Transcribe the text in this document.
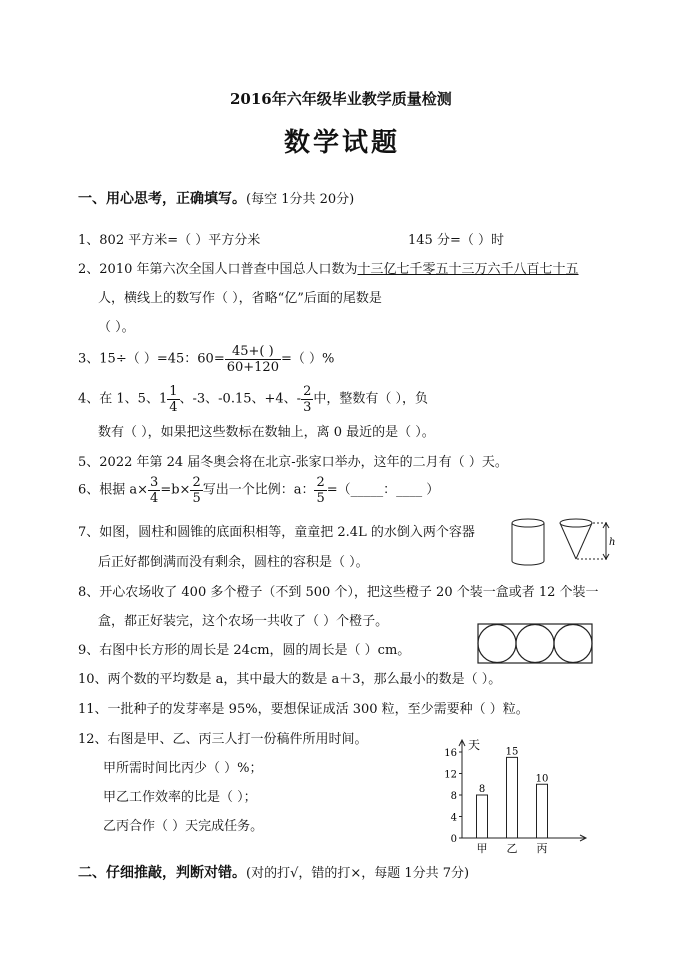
2016年六年级毕业教学质量检测
数学试题
一、用心思考，正确填写。(每空 1分共 20分)
1、802 平方米=（ ）平方分米	145 分=（ ）时
2、2010 年第六次全国人口普查中国总人口数为十三亿七千零五十三万六千八百七十五
人，横线上的数写作（ ），省略“亿”后面的尾数是
（ ）。
3、15÷（ ）=45：$60= \frac{45+( )}{60+120}$ =（ ）%
4、在 1、5、$1 \frac{1}{4}$ 、-3、-0.15、+4、- $\frac{2}{3}$ 中，整数有（ ），负
数有（ ），如果把这些数标在数轴上，离 0 最近的是（ ）。
5、2022 年第 24 届冬奥会将在北京-张家口举办，这年的二月有（ ）天。
6、根据 $a\times \frac{3}{4} =b\times \frac{2}{5}$ 写出一个比例：a： $\frac{2}{5}$ =（_____：____ ）
7、如图，圆柱和圆锥的底面积相等，童童把 2.4L 的水倒入两个容器
后正好都倒满而没有剩余，圆柱的容积是（ ）。
h
8、开心农场收了 400 多个橙子（不到 500 个），把这些橙子 20 个装一盒或者 12 个装一
盒，都正好装完，这个农场一共收了（ ）个橙子。
9、右图中长方形的周长是 24cm，圆的周长是（ ）cm。
10、两个数的平均数是 a，其中最大的数是 a＋3，那么最小的数是（ ）。
11、一批种子的发芽率是 95%，要想保证成活 300 粒，至少需要种（ ）粒。
12、右图是甲、乙、丙三人打一份稿件所用时间。
甲所需时间比丙少（ ）%；
甲乙工作效率的比是（ ）；
乙丙合作（ ）天完成任务。
天
0
4
8
12
16
8
甲
15
乙
10
丙
二、仔细推敲，判断对错。(对的打√，错的打×，每题 1分共 7分)
